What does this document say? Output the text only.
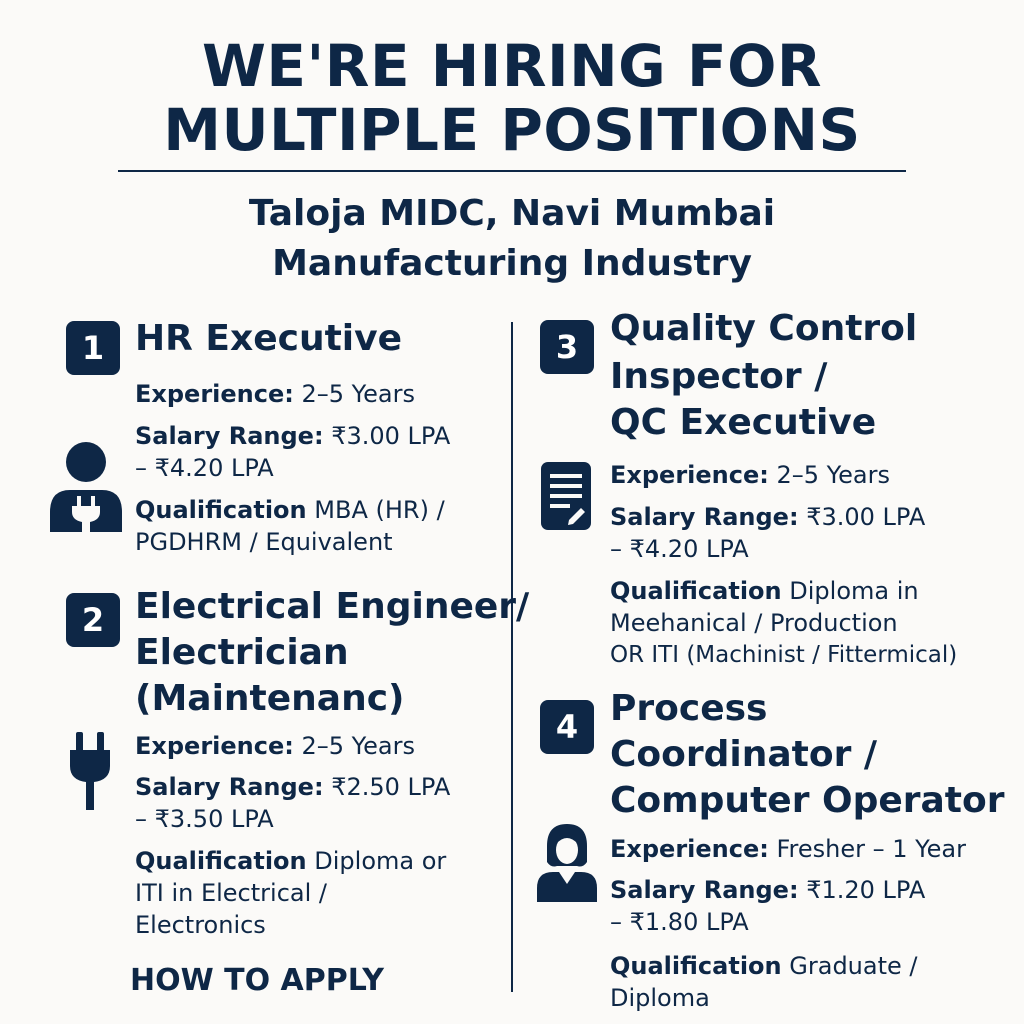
WE'RE HIRING FOR
MULTIPLE POSITIONS
Taloja MIDC, Navi Mumbai
Manufacturing Industry
1 HR Executive
Experience: 2–5 Years
Salary Range: ₹3.00 LPA
– ₹4.20 LPA
Qualification MBA (HR) /
PGDHRM / Equivalent
2 Electrical Engineer/
Electrician
(Maintenanc)
Experience: 2–5 Years
Salary Range: ₹2.50 LPA
– ₹3.50 LPA
Qualification Diploma or
ITI in Electrical /
Electronics
3 Quality Control
Inspector /
QC Executive
Experience: 2–5 Years
Salary Range: ₹3.00 LPA
– ₹4.20 LPA
Qualification Diploma in
Meehanical / Production
OR ITI (Machinist / Fittermical)
4 Process
Coordinator /
Computer Operator
Experience: Fresher – 1 Year
Salary Range: ₹1.20 LPA
– ₹1.80 LPA
Qualification Graduate /
Diploma
HOW TO APPLY
